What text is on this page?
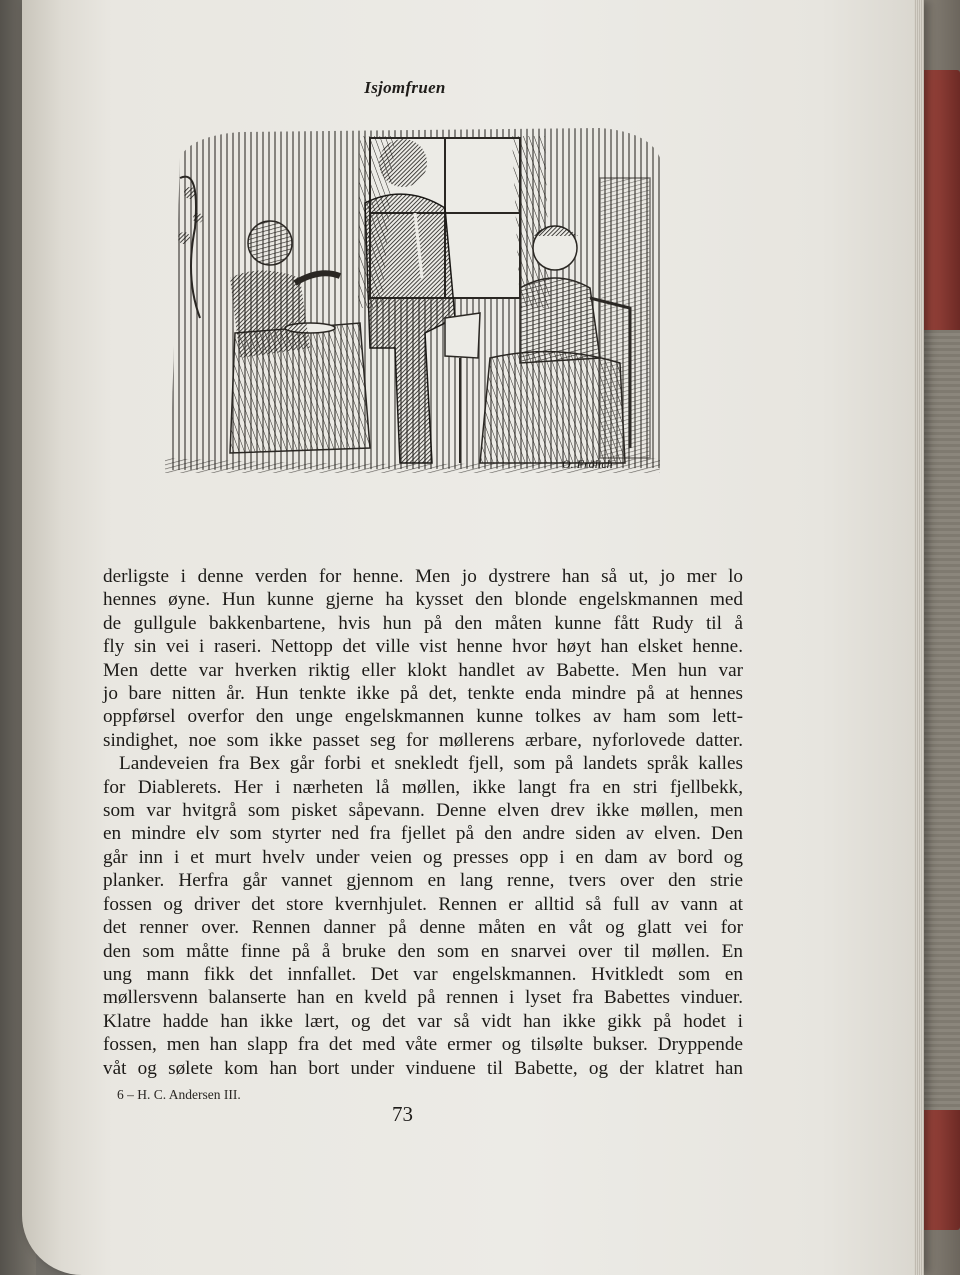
Isjomfruen
O. Frölich
derligste i denne verden for henne. Men jo dystrere han så ut, jo mer lo
hennes øyne. Hun kunne gjerne ha kysset den blonde engelskmannen med
de gullgule bakkenbartene, hvis hun på den måten kunne fått Rudy til å
fly sin vei i raseri. Nettopp det ville vist henne hvor høyt han elsket henne.
Men dette var hverken riktig eller klokt handlet av Babette. Men hun var
jo bare nitten år. Hun tenkte ikke på det, tenkte enda mindre på at hennes
oppførsel overfor den unge engelskmannen kunne tolkes av ham som lett-
sindighet, noe som ikke passet seg for møllerens ærbare, nyforlovede datter.
Landeveien fra Bex går forbi et snekledt fjell, som på landets språk kalles
for Diablerets. Her i nærheten lå møllen, ikke langt fra en stri fjellbekk,
som var hvitgrå som pisket såpevann. Denne elven drev ikke møllen, men
en mindre elv som styrter ned fra fjellet på den andre siden av elven. Den
går inn i et murt hvelv under veien og presses opp i en dam av bord og
planker. Herfra går vannet gjennom en lang renne, tvers over den strie
fossen og driver det store kvernhjulet. Rennen er alltid så full av vann at
det renner over. Rennen danner på denne måten en våt og glatt vei for
den som måtte finne på å bruke den som en snarvei over til møllen. En
ung mann fikk det innfallet. Det var engelskmannen. Hvitkledt som en
møllersvenn balanserte han en kveld på rennen i lyset fra Babettes vinduer.
Klatre hadde han ikke lært, og det var så vidt han ikke gikk på hodet i
fossen, men han slapp fra det med våte ermer og tilsølte bukser. Dryppende
våt og sølete kom han bort under vinduene til Babette, og der klatret han
6 – H. C. Andersen III.
73
